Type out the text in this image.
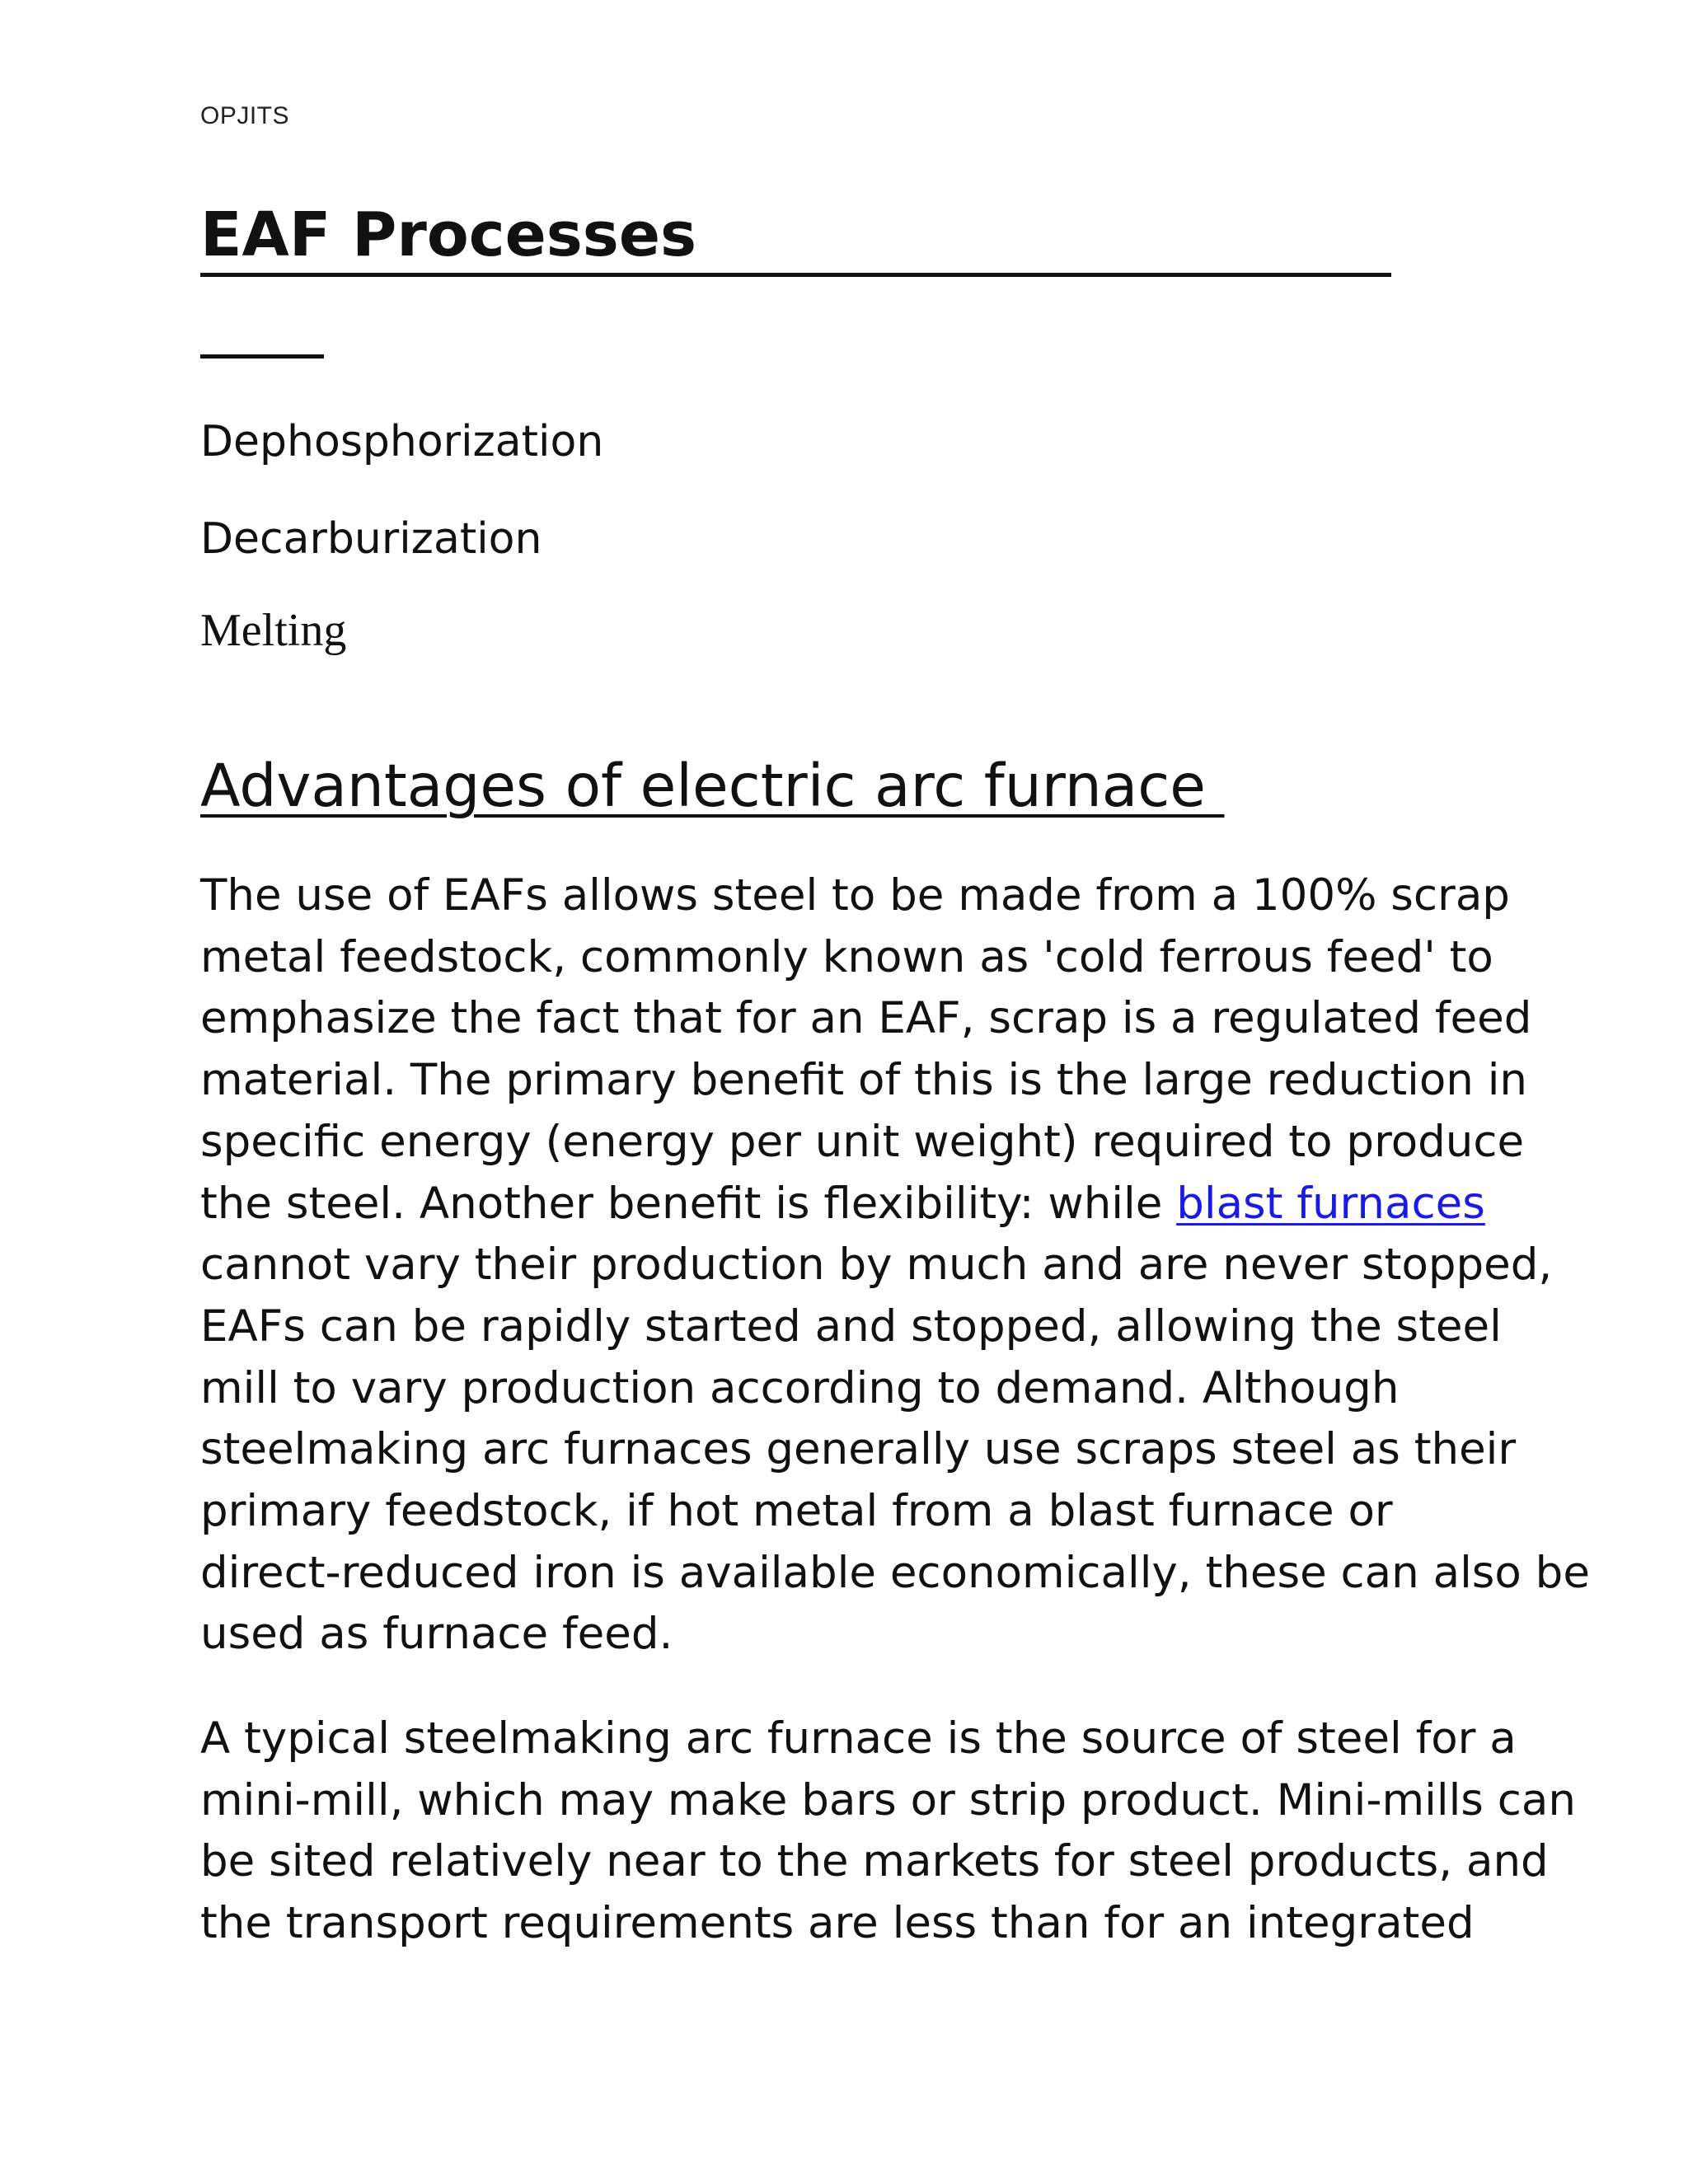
OPJITS
EAF Processes
Dephosphorization
Decarburization
Melting
Advantages of electric arc furnace
The use of EAFs allows steel to be made from a 100% scrap
metal feedstock, commonly known as 'cold ferrous feed' to
emphasize the fact that for an EAF, scrap is a regulated feed
material. The primary benefit of this is the large reduction in
specific energy (energy per unit weight) required to produce
the steel. Another benefit is flexibility: while blast furnaces
cannot vary their production by much and are never stopped,
EAFs can be rapidly started and stopped, allowing the steel
mill to vary production according to demand. Although
steelmaking arc furnaces generally use scraps steel as their
primary feedstock, if hot metal from a blast furnace or
direct-reduced iron is available economically, these can also be
used as furnace feed.
A typical steelmaking arc furnace is the source of steel for a
mini-mill, which may make bars or strip product. Mini-mills can
be sited relatively near to the markets for steel products, and
the transport requirements are less than for an integrated
